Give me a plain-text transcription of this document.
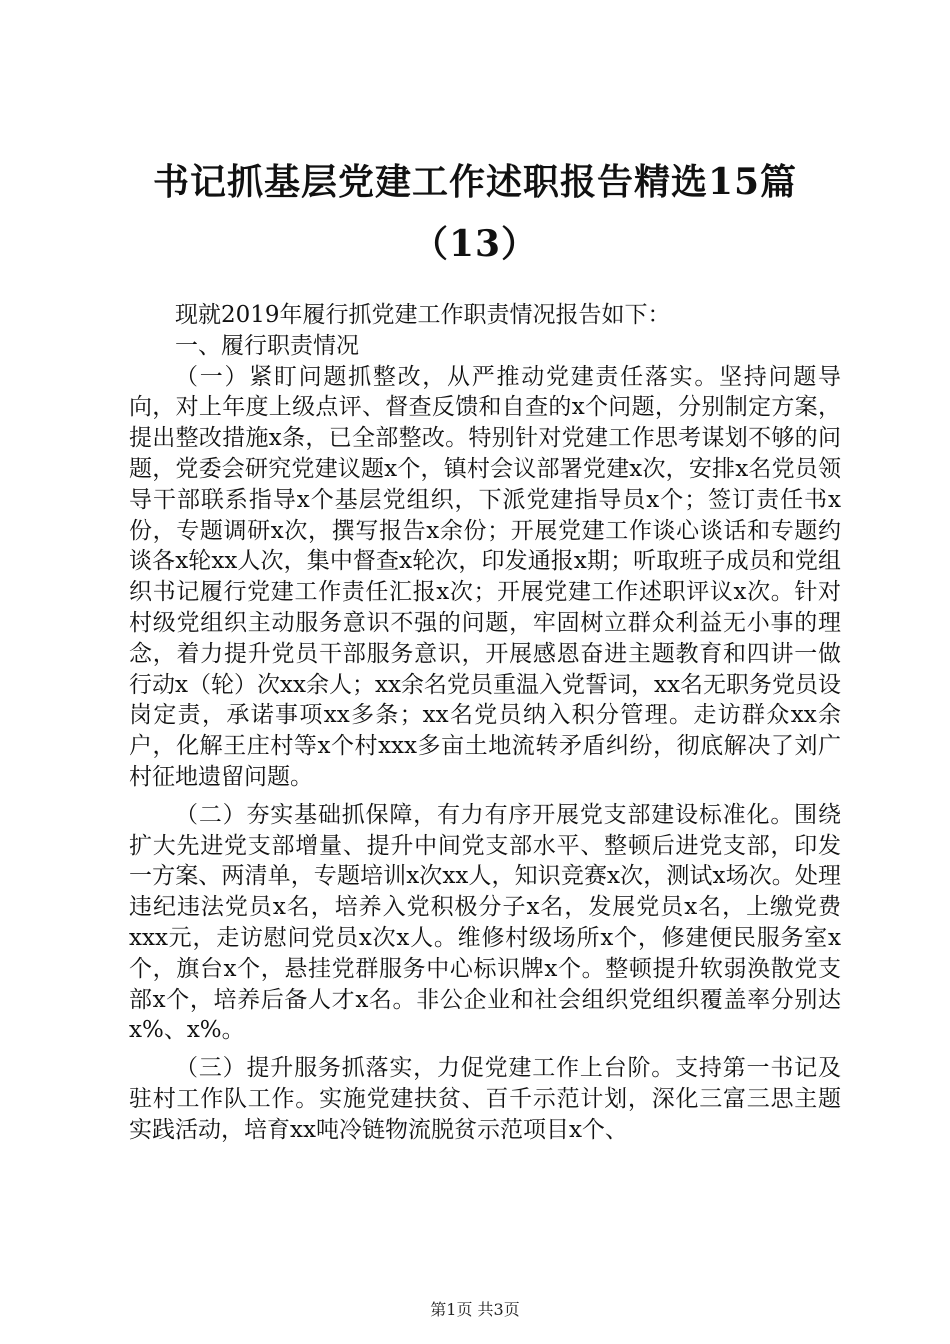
书记抓基层党建工作述职报告精选15篇
（13）

现就2019年履行抓党建工作职责情况报告如下：

一、履行职责情况

（一）紧盯问题抓整改，从严推动党建责任落实。坚持问题导向，对上年度上级点评、督查反馈和自查的x个问题，分别制定方案，提出整改措施x条，已全部整改。特别针对党建工作思考谋划不够的问题，党委会研究党建议题x个，镇村会议部署党建x次，安排x名党员领导干部联系指导x个基层党组织，下派党建指导员x个；签订责任书x份，专题调研x次，撰写报告x余份；开展党建工作谈心谈话和专题约谈各x轮xx人次，集中督查x轮次，印发通报x期；听取班子成员和党组织书记履行党建工作责任汇报x次；开展党建工作述职评议x次。针对村级党组织主动服务意识不强的问题，牢固树立群众利益无小事的理念，着力提升党员干部服务意识，开展感恩奋进主题教育和四讲一做行动x（轮）次xx余人；xx余名党员重温入党誓词，xx名无职务党员设岗定责，承诺事项xx多条；xx名党员纳入积分管理。走访群众xx余户，化解王庄村等x个村xxx多亩土地流转矛盾纠纷，彻底解决了刘广村征地遗留问题。

（二）夯实基础抓保障，有力有序开展党支部建设标准化。围绕扩大先进党支部增量、提升中间党支部水平、整顿后进党支部，印发一方案、两清单，专题培训x次xx人，知识竞赛x次，测试x场次。处理违纪违法党员x名，培养入党积极分子x名，发展党员x名，上缴党费xxx元，走访慰问党员x次x人。维修村级场所x个，修建便民服务室x个，旗台x个，悬挂党群服务中心标识牌x个。整顿提升软弱涣散党支部x个，培养后备人才x名。非公企业和社会组织党组织覆盖率分别达x%、x%。

（三）提升服务抓落实，力促党建工作上台阶。支持第一书记及驻村工作队工作。实施党建扶贫、百千示范计划，深化三富三思主题实践活动，培育xx吨冷链物流脱贫示范项目x个、

第1页 共3页
